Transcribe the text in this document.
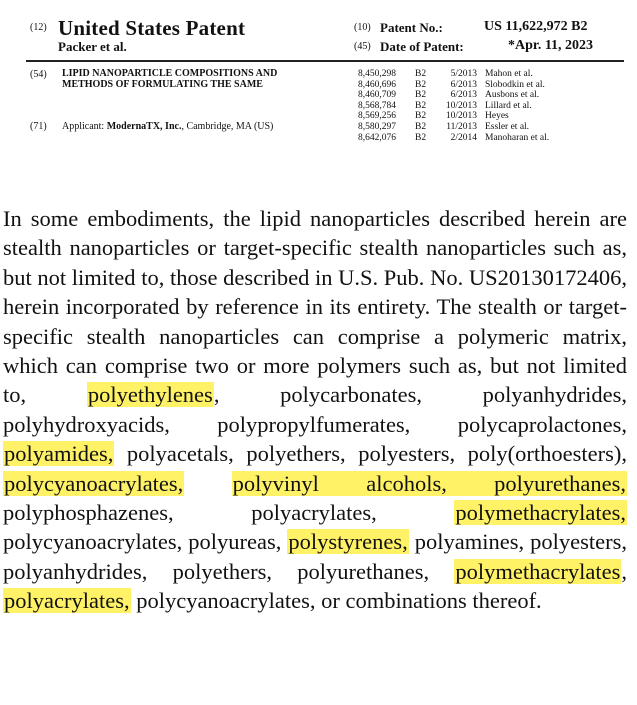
(12) United States Patent
Packer et al.
(10) Patent No.:	US 11,622,972 B2
(45) Date of Patent:	*Apr. 11, 2023
(54) LIPID NANOPARTICLE COMPOSITIONS AND METHODS OF FORMULATING THE SAME
(71) Applicant: ModernaTX, Inc., Cambridge, MA (US)
8,450,298	B2	5/2013 Mahon et al.
8,460,696	B2	6/2013 Slobodkin et al.
8,460,709	B2	6/2013 Ausbons et al.
8,568,784	B2	10/2013 Lillard et al.
8,569,256	B2	10/2013 Heyes
8,580,297	B2	11/2013 Essler et al.
8,642,076	B2	2/2014 Manoharan et al.

In some embodiments, the lipid nanoparticles described herein are stealth nanoparticles or target-specific stealth nanoparticles such as, but not limited to, those described in U.S. Pub. No. US20130172406, herein incorporated by reference in its entirety. The stealth or target-specific stealth nanoparticles can comprise a polymeric matrix, which can comprise two or more polymers such as, but not limited to, polyethylenes, polycarbonates, polyanhydrides, polyhydroxyacids, polypropylfumerates, polycaprolactones, polyamides, polyacetals, polyethers, polyesters, poly(orthoesters), polycyanoacrylates, polyvinyl alcohols, polyurethanes, polyphosphazenes, polyacrylates, polymethacrylates, polycyanoacrylates, polyureas, polystyrenes, polyamines, polyesters, polyanhydrides, polyethers, polyurethanes, polymethacrylates, polyacrylates, polycyanoacrylates, or combinations thereof.
